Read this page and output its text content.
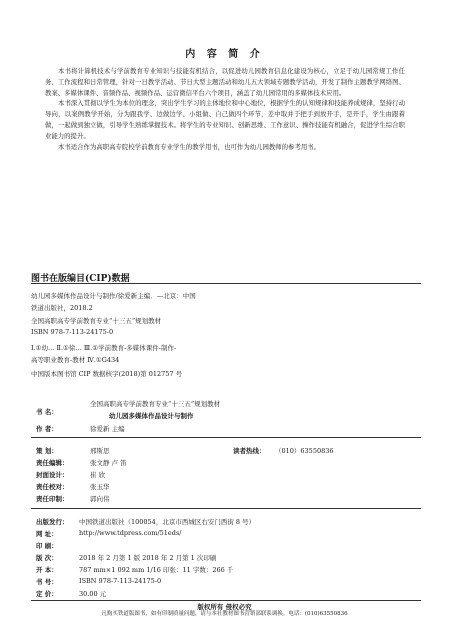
内 容 简 介

本书将计算机技术与学前教育专业知识与技能有机结合，以促进幼儿园教育信息化建设为核心，立足于幼儿园常规工作任务、工作流程和日常管理，针对一日教学活动、节日大型主题活动和幼儿五大领域专题教学活动，开发了制作主题教学网络图、教案、多媒体课件、音频作品、视频作品、运营微信平台六个项目，涵盖了幼儿园常用的多媒体技术应用。

本书深入贯彻以学生为本位的理念，突出学生学习的主体地位和中心地位，根据学生的认知规律和技能养成规律，坚持行动导向，以案例教学开始，分为跟我学、边做边学、小组做、自己做四个环节，差中取并于把手到放开手，是开手，学生由跟着做，一起做到独立做，引导学生熟练掌握技术。将学生的专业知识、创新思维、工作意识、操作技能有机融合，促进学生综合职业能力的提升。

本书适合作为高职高专院校学前教育专业学生的教学用书，也可作为幼儿园教师的参考用书。

图书在版编目(CIP)数据
幼儿园多媒体作品设计与制作/徐爱新主编．—北京：中国
铁道出版社，2018.2
全国高职高专学前教育专业“十三五”规划教材
ISBN 978-7-113-24175-0
Ⅰ.①幼… Ⅱ.①徐… Ⅲ.①学前教育-多媒体课件-制作-
高等职业教育-教材 Ⅳ.①G434
中国版本图书馆 CIP 数据核字(2018)第 012757 号
书 名：
全国高职高专学前教育专业“十三五”规划教材
幼儿园多媒体作品设计与制作
作 者：	徐爱新 主编
策 划：	邢斯思	读者热线： （010）63550836
责任编辑：	张文静 卢 笛
封面设计：	崔 欣
责任校对：	张玉华
责任印制：	郭向伟
出版发行： 中国铁道出版社（100054，北京市西城区右安门西街 8 号）
网 址：	http://www.tdpress.com/51eds/
印 刷：
版 次：	2018 年 2 月第 1 版 2018 年 2 月第 1 次印刷
开 本：	787 mm×1 092 mm 1/16 印张：11 字数：266 千
书 号：	ISBN 978-7-113-24175-0
定 价：	30.00 元
版权所有 侵权必究
凡购买铁道版图书，如有印制质量问题，请与本社教材图书营销部联系调换。电话：(010)63550836
